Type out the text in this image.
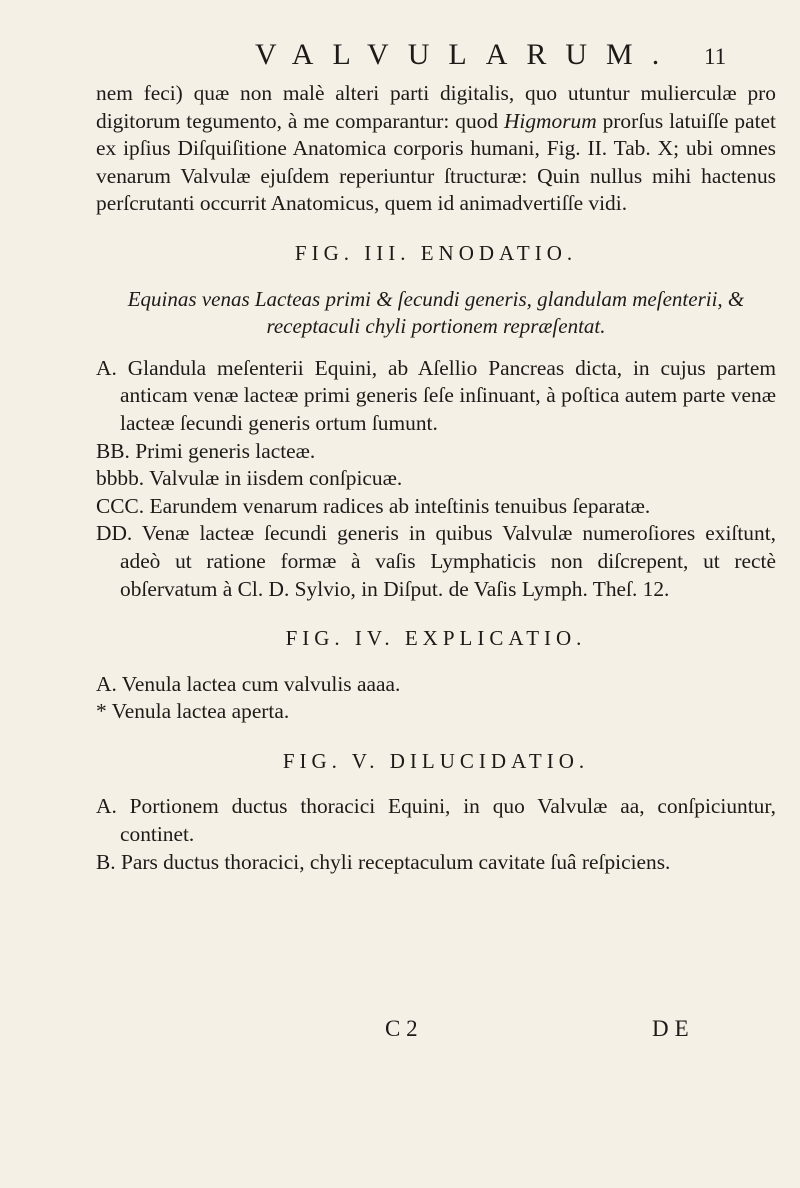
VALVULARUM. 11

nem feci) quæ non malè alteri parti digitalis, quo utuntur mulierculæ pro digitorum tegumento, à me comparantur: quod Higmorum prorſus latuiſſe patet ex ipſius Diſquiſitione Anatomica corporis humani, Fig. II. Tab. X; ubi omnes venarum Valvulæ ejuſdem reperiuntur ſtructuræ: Quin nullus mihi hactenus perſcrutanti occurrit Anatomicus, quem id animadvertiſſe vidi.

FIG. III. ENODATIO.

Equinas venas Lacteas primi & ſecundi generis, glandulam meſenterii, & receptaculi chyli portionem repræſentat.

A. Glandula meſenterii Equini, ab Aſellio Pancreas dicta, in cujus partem anticam venæ lacteæ primi generis ſeſe inſinuant, à poſtica autem parte venæ lacteæ ſecundi generis ortum ſumunt.

BB. Primi generis lacteæ.

bbbb. Valvulæ in iisdem conſpicuæ.

CCC. Earundem venarum radices ab inteſtinis tenuibus ſeparatæ.

DD. Venæ lacteæ ſecundi generis in quibus Valvulæ numeroſiores exiſtunt, adeò ut ratione formæ à vaſis Lymphaticis non diſcrepent, ut rectè obſervatum à Cl. D. Sylvio, in Diſput. de Vaſis Lymph. Theſ. 12.

FIG. IV. EXPLICATIO.

A. Venula lactea cum valvulis aaaa.

* Venula lactea aperta.

FIG. V. DILUCIDATIO.

A. Portionem ductus thoracici Equini, in quo Valvulæ aa, conſpiciuntur, continet.

B. Pars ductus thoracici, chyli receptaculum cavitate ſuâ reſpiciens.

C 2	DE
